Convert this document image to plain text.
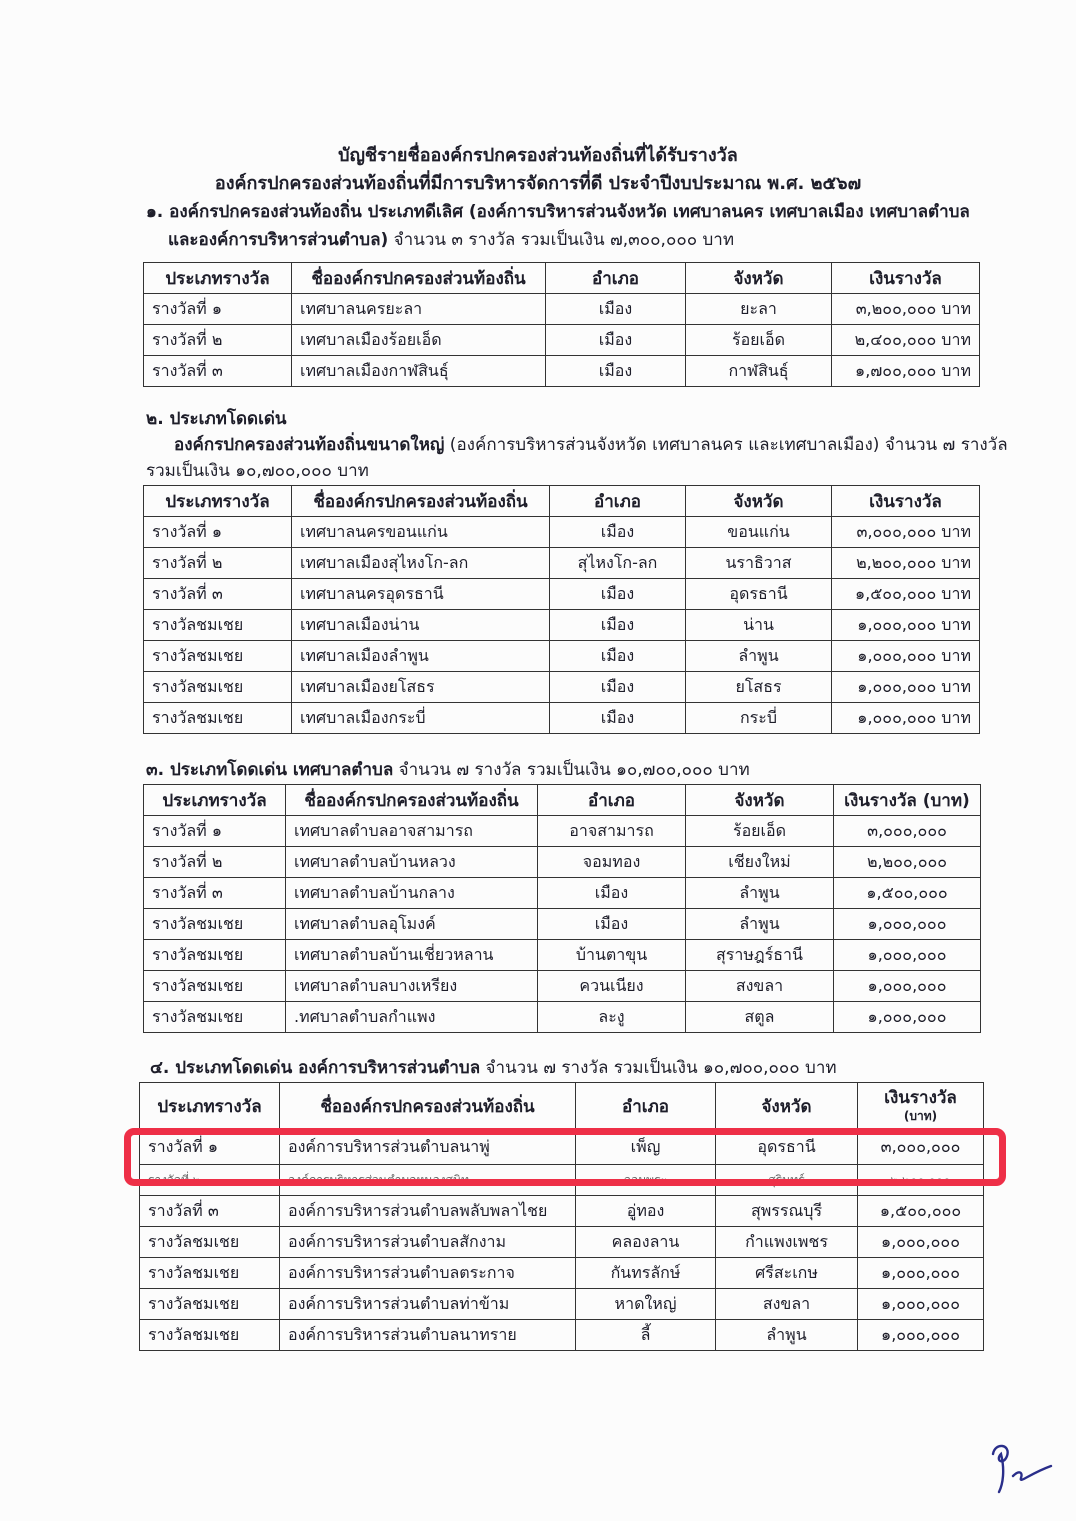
บัญชีรายชื่อองค์กรปกครองส่วนท้องถิ่นที่ได้รับรางวัล
องค์กรปกครองส่วนท้องถิ่นที่มีการบริหารจัดการที่ดี ประจำปีงบประมาณ พ.ศ. ๒๕๖๗
๑. องค์กรปกครองส่วนท้องถิ่น ประเภทดีเลิศ (องค์การบริหารส่วนจังหวัด เทศบาลนคร เทศบาลเมือง เทศบาลตำบล
และองค์การบริหารส่วนตำบล) จำนวน ๓ รางวัล รวมเป็นเงิน ๗,๓๐๐,๐๐๐ บาท
ประเภทรางวัล	ชื่อองค์กรปกครองส่วนท้องถิ่น	อำเภอ	จังหวัด	เงินรางวัล
รางวัลที่ ๑	เทศบาลนครยะลา	เมือง	ยะลา	๓,๒๐๐,๐๐๐ บาท
รางวัลที่ ๒	เทศบาลเมืองร้อยเอ็ด	เมือง	ร้อยเอ็ด	๒,๔๐๐,๐๐๐ บาท
รางวัลที่ ๓	เทศบาลเมืองกาฬสินธุ์	เมือง	กาฬสินธุ์	๑,๗๐๐,๐๐๐ บาท
๒. ประเภทโดดเด่น
องค์กรปกครองส่วนท้องถิ่นขนาดใหญ่ (องค์การบริหารส่วนจังหวัด เทศบาลนคร และเทศบาลเมือง) จำนวน ๗ รางวัล
รวมเป็นเงิน ๑๐,๗๐๐,๐๐๐ บาท
ประเภทรางวัล	ชื่อองค์กรปกครองส่วนท้องถิ่น	อำเภอ	จังหวัด	เงินรางวัล
รางวัลที่ ๑	เทศบาลนครขอนแก่น	เมือง	ขอนแก่น	๓,๐๐๐,๐๐๐ บาท
รางวัลที่ ๒	เทศบาลเมืองสุไหงโก-ลก	สุไหงโก-ลก	นราธิวาส	๒,๒๐๐,๐๐๐ บาท
รางวัลที่ ๓	เทศบาลนครอุดรธานี	เมือง	อุดรธานี	๑,๕๐๐,๐๐๐ บาท
รางวัลชมเชย	เทศบาลเมืองน่าน	เมือง	น่าน	๑,๐๐๐,๐๐๐ บาท
รางวัลชมเชย	เทศบาลเมืองลำพูน	เมือง	ลำพูน	๑,๐๐๐,๐๐๐ บาท
รางวัลชมเชย	เทศบาลเมืองยโสธร	เมือง	ยโสธร	๑,๐๐๐,๐๐๐ บาท
รางวัลชมเชย	เทศบาลเมืองกระบี่	เมือง	กระบี่	๑,๐๐๐,๐๐๐ บาท
๓. ประเภทโดดเด่น เทศบาลตำบล จำนวน ๗ รางวัล รวมเป็นเงิน ๑๐,๗๐๐,๐๐๐ บาท
ประเภทรางวัล	ชื่อองค์กรปกครองส่วนท้องถิ่น	อำเภอ	จังหวัด	เงินรางวัล (บาท)
รางวัลที่ ๑	เทศบาลตำบลอาจสามารถ	อาจสามารถ	ร้อยเอ็ด	๓,๐๐๐,๐๐๐
รางวัลที่ ๒	เทศบาลตำบลบ้านหลวง	จอมทอง	เชียงใหม่	๒,๒๐๐,๐๐๐
รางวัลที่ ๓	เทศบาลตำบลบ้านกลาง	เมือง	ลำพูน	๑,๕๐๐,๐๐๐
รางวัลชมเชย	เทศบาลตำบลอุโมงค์	เมือง	ลำพูน	๑,๐๐๐,๐๐๐
รางวัลชมเชย	เทศบาลตำบลบ้านเชี่ยวหลาน	บ้านตาขุน	สุราษฎร์ธานี	๑,๐๐๐,๐๐๐
รางวัลชมเชย	เทศบาลตำบลบางเหรียง	ควนเนียง	สงขลา	๑,๐๐๐,๐๐๐
รางวัลชมเชย	.ทศบาลตำบลกำแพง	ละงู	สตูล	๑,๐๐๐,๐๐๐
๔. ประเภทโดดเด่น องค์การบริหารส่วนตำบล จำนวน ๗ รางวัล รวมเป็นเงิน ๑๐,๗๐๐,๐๐๐ บาท
ประเภทรางวัล	ชื่อองค์กรปกครองส่วนท้องถิ่น	อำเภอ	จังหวัด	เงินรางวัล
(บาท)
รางวัลที่ ๑	องค์การบริหารส่วนตำบลนาพู่	เพ็ญ	อุดรธานี	๓,๐๐๐,๐๐๐
รางวัลที่ ๒	องค์การบริหารส่วนตำบลหนองสนิท	จอมพระ	สุรินทร์	๒,๒๐๐,๐๐๐
รางวัลที่ ๓	องค์การบริหารส่วนตำบลพลับพลาไชย	อู่ทอง	สุพรรณบุรี	๑,๕๐๐,๐๐๐
รางวัลชมเชย	องค์การบริหารส่วนตำบลสักงาม	คลองลาน	กำแพงเพชร	๑,๐๐๐,๐๐๐
รางวัลชมเชย	องค์การบริหารส่วนตำบลตระกาจ	กันทรลักษ์	ศรีสะเกษ	๑,๐๐๐,๐๐๐
รางวัลชมเชย	องค์การบริหารส่วนตำบลท่าข้าม	หาดใหญ่	สงขลา	๑,๐๐๐,๐๐๐
รางวัลชมเชย	องค์การบริหารส่วนตำบลนาทราย	ลี้	ลำพูน	๑,๐๐๐,๐๐๐
